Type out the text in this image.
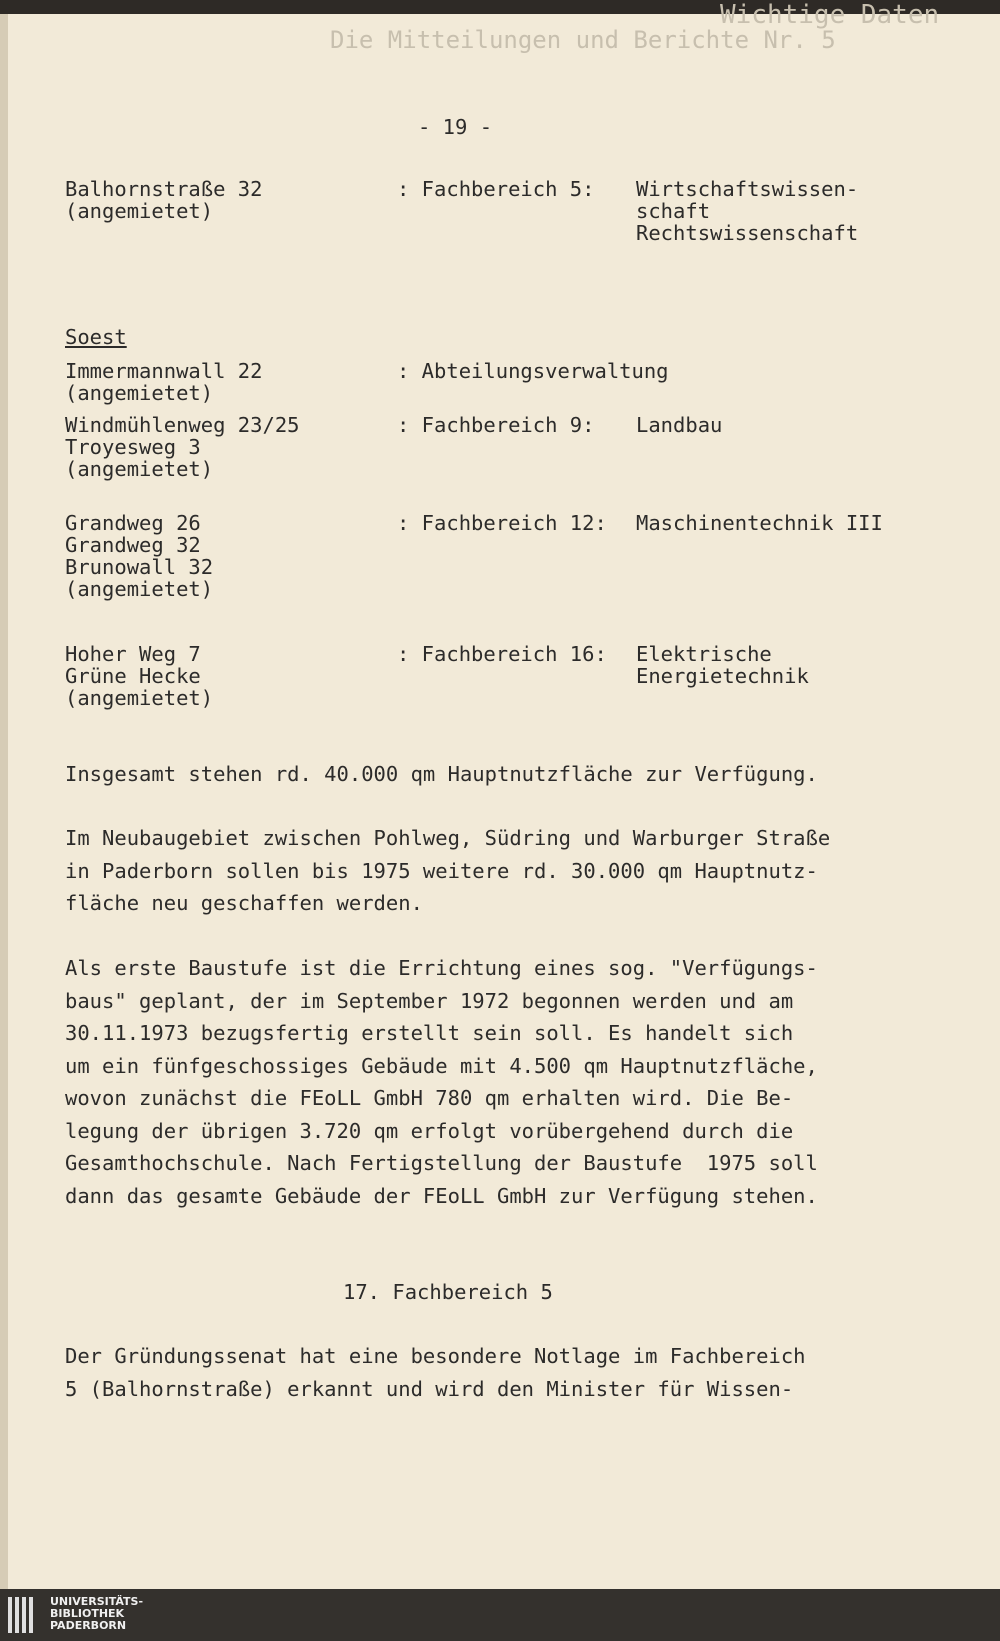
Wichtige Daten
Die Mitteilungen und Berichte Nr. 5
- 19 -
Balhornstraße 32
(angemietet)
: Fachbereich 5: Wirtschaftswissen-
schaft
Rechtswissenschaft
Soest
Immermannwall 22
(angemietet)
: Abteilungsverwaltung
Windmühlenweg 23/25
Troyesweg 3
(angemietet)
: Fachbereich 9: Landbau
Grandweg 26
Grandweg 32
Brunowall 32
(angemietet)
: Fachbereich 12: Maschinentechnik III
Hoher Weg 7
Grüne Hecke
(angemietet)
: Fachbereich 16: Elektrische
Energietechnik
Insgesamt stehen rd. 40.000 qm Hauptnutzfläche zur Verfügung.
Im Neubaugebiet zwischen Pohlweg, Südring und Warburger Straße
in Paderborn sollen bis 1975 weitere rd. 30.000 qm Hauptnutz-
fläche neu geschaffen werden.
Als erste Baustufe ist die Errichtung eines sog. "Verfügungs-
baus" geplant, der im September 1972 begonnen werden und am
30.11.1973 bezugsfertig erstellt sein soll. Es handelt sich
um ein fünfgeschossiges Gebäude mit 4.500 qm Hauptnutzfläche,
wovon zunächst die FEoLL GmbH 780 qm erhalten wird. Die Be-
legung der übrigen 3.720 qm erfolgt vorübergehend durch die
Gesamthochschule. Nach Fertigstellung der Baustufe  1975 soll
dann das gesamte Gebäude der FEoLL GmbH zur Verfügung stehen.
17. Fachbereich 5
Der Gründungssenat hat eine besondere Notlage im Fachbereich
5 (Balhornstraße) erkannt und wird den Minister für Wissen-
UNIVERSITÄTS-
BIBLIOTHEK
PADERBORN
